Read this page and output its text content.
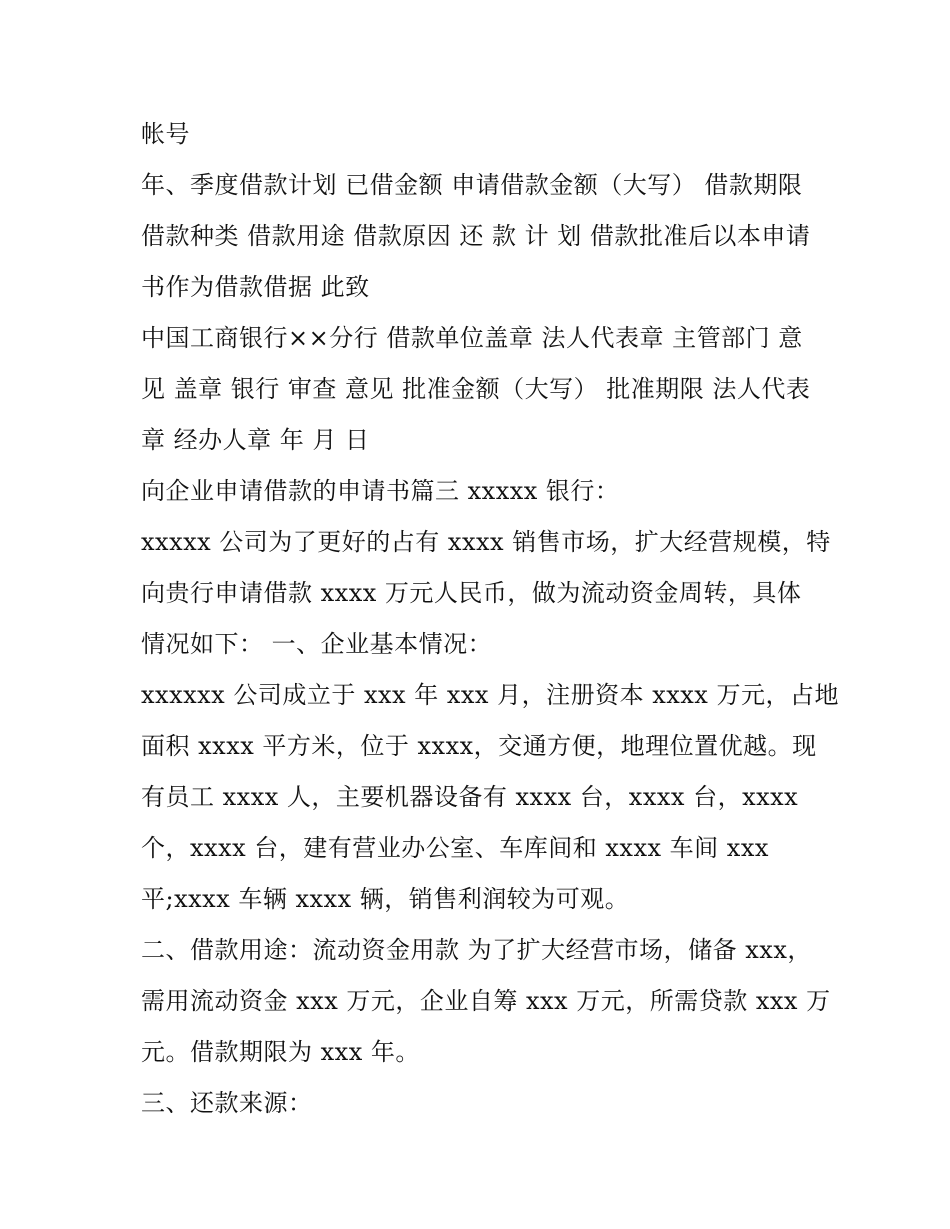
帐号
年、季度借款计划 已借金额 申请借款金额（大写） 借款期限
借款种类 借款用途 借款原因 还 款 计 划 借款批准后以本申请
书作为借款借据 此致
中国工商银行××分行 借款单位盖章 法人代表章 主管部门 意
见 盖章 银行 审查 意见 批准金额（大写） 批准期限 法人代表
章 经办人章 年 月 日
向企业申请借款的申请书篇三 xxxxx 银行：
xxxxx 公司为了更好的占有 xxxx 销售市场，扩大经营规模，特
向贵行申请借款 xxxx 万元人民币，做为流动资金周转，具体
情况如下： 一、企业基本情况：
xxxxxx 公司成立于 xxx 年 xxx 月，注册资本 xxxx 万元，占地
面积 xxxx 平方米，位于 xxxx，交通方便，地理位置优越。现
有员工 xxxx 人，主要机器设备有 xxxx 台，xxxx 台，xxxx
个，xxxx 台，建有营业办公室、车库间和 xxxx 车间 xxx
平;xxxx 车辆 xxxx 辆，销售利润较为可观。
二、借款用途：流动资金用款 为了扩大经营市场，储备 xxx，
需用流动资金 xxx 万元，企业自筹 xxx 万元，所需贷款 xxx 万
元。借款期限为 xxx 年。
三、还款来源：
